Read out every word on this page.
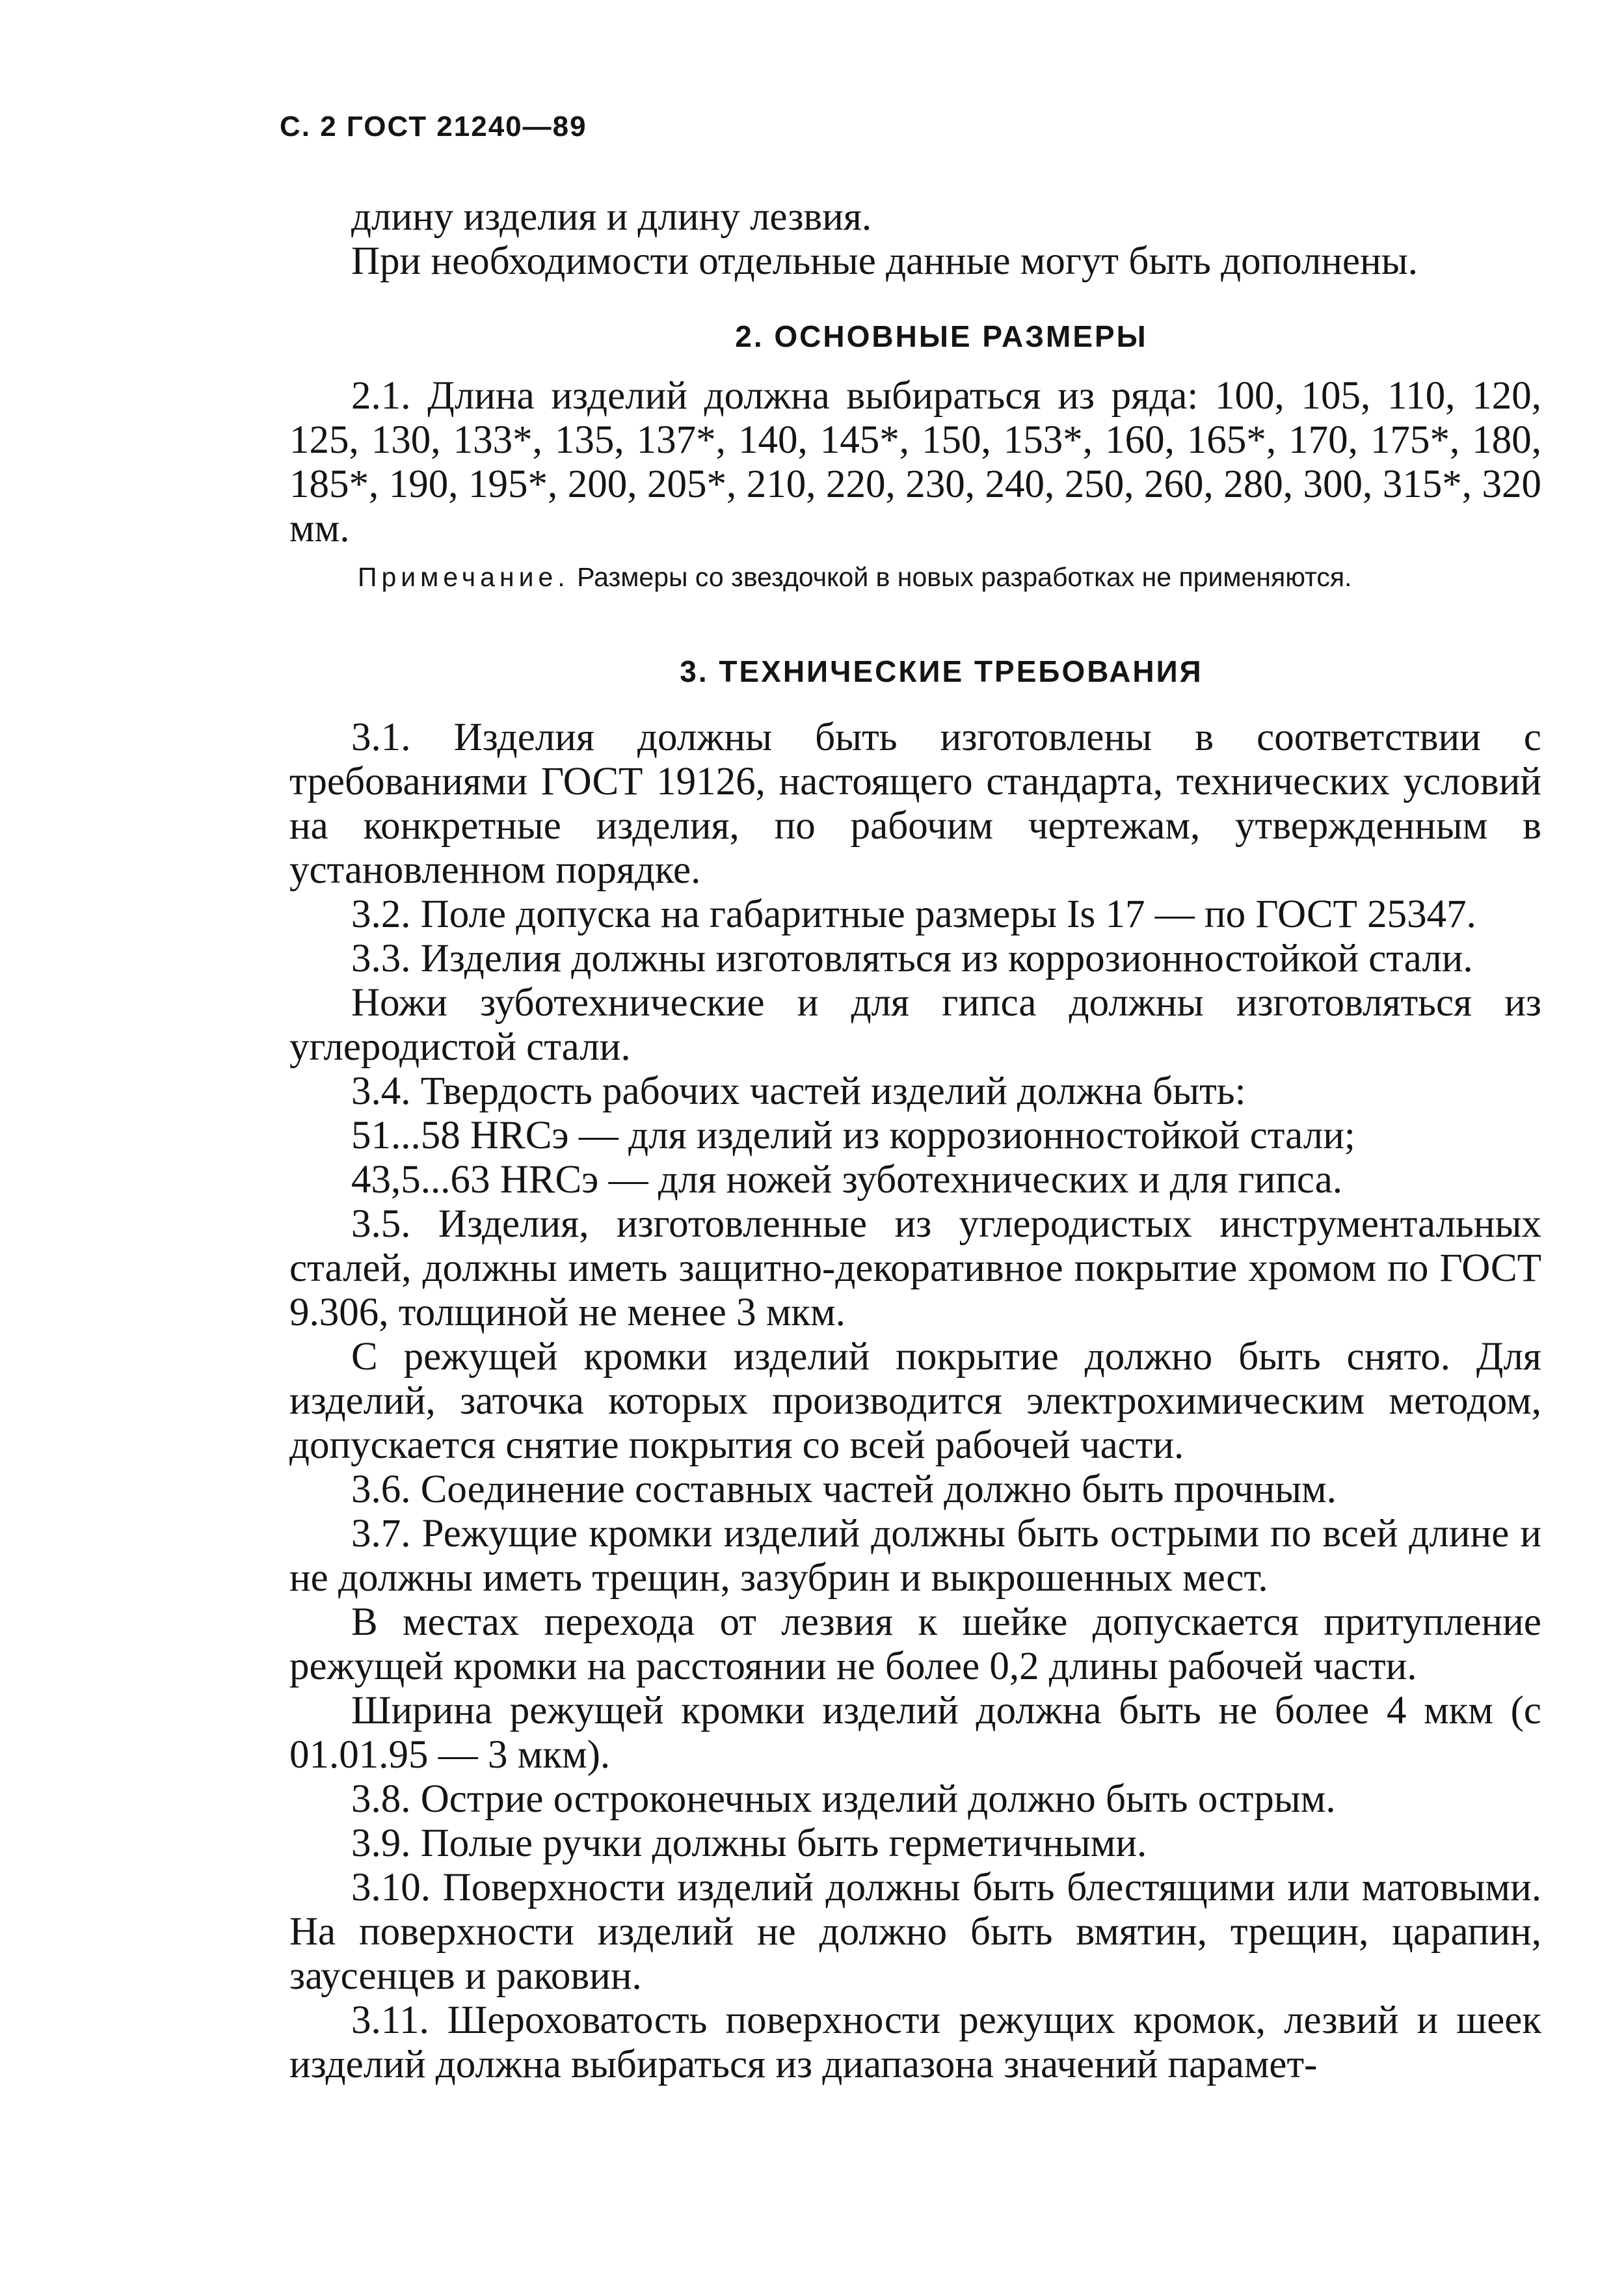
С. 2 ГОСТ 21240—89

длину изделия и длину лезвия.

При необходимости отдельные данные могут быть дополнены.

2. ОСНОВНЫЕ РАЗМЕРЫ

2.1. Длина изделий должна выбираться из ряда: 100, 105, 110, 120, 125, 130, 133*, 135, 137*, 140, 145*, 150, 153*, 160, 165*, 170, 175*, 180, 185*, 190, 195*, 200, 205*, 210, 220, 230, 240, 250, 260, 280, 300, 315*, 320 мм.

Примечание. Размеры со звездочкой в новых разработках не применяются.
3. ТЕХНИЧЕСКИЕ ТРЕБОВАНИЯ

3.1. Изделия должны быть изготовлены в соответствии с требованиями ГОСТ 19126, настоящего стандарта, технических условий на конкретные изделия, по рабочим чертежам, утвержденным в установленном порядке.

3.2. Поле допуска на габаритные размеры Is 17 — по ГОСТ 25347.

3.3. Изделия должны изготовляться из коррозионностойкой стали.

Ножи зуботехнические и для гипса должны изготовляться из углеродистой стали.

3.4. Твердость рабочих частей изделий должна быть:

51...58 HRCэ — для изделий из коррозионностойкой стали;

43,5...63 HRCэ — для ножей зуботехнических и для гипса.

3.5. Изделия, изготовленные из углеродистых инструментальных сталей, должны иметь защитно-декоративное покрытие хромом по ГОСТ 9.306, толщиной не менее 3 мкм.

С режущей кромки изделий покрытие должно быть снято. Для изделий, заточка которых производится электрохимическим методом, допускается снятие покрытия со всей рабочей части.

3.6. Соединение составных частей должно быть прочным.

3.7. Режущие кромки изделий должны быть острыми по всей длине и не должны иметь трещин, зазубрин и выкрошенных мест.

В местах перехода от лезвия к шейке допускается притупление режущей кромки на расстоянии не более 0,2 длины рабочей части.

Ширина режущей кромки изделий должна быть не более 4 мкм (с 01.01.95 — 3 мкм).

3.8. Острие остроконечных изделий должно быть острым.

3.9. Полые ручки должны быть герметичными.

3.10. Поверхности изделий должны быть блестящими или матовыми. На поверхности изделий не должно быть вмятин, трещин, царапин, заусенцев и раковин.

3.11. Шероховатость поверхности режущих кромок, лезвий и шеек изделий должна выбираться из диапазона значений парамет-
